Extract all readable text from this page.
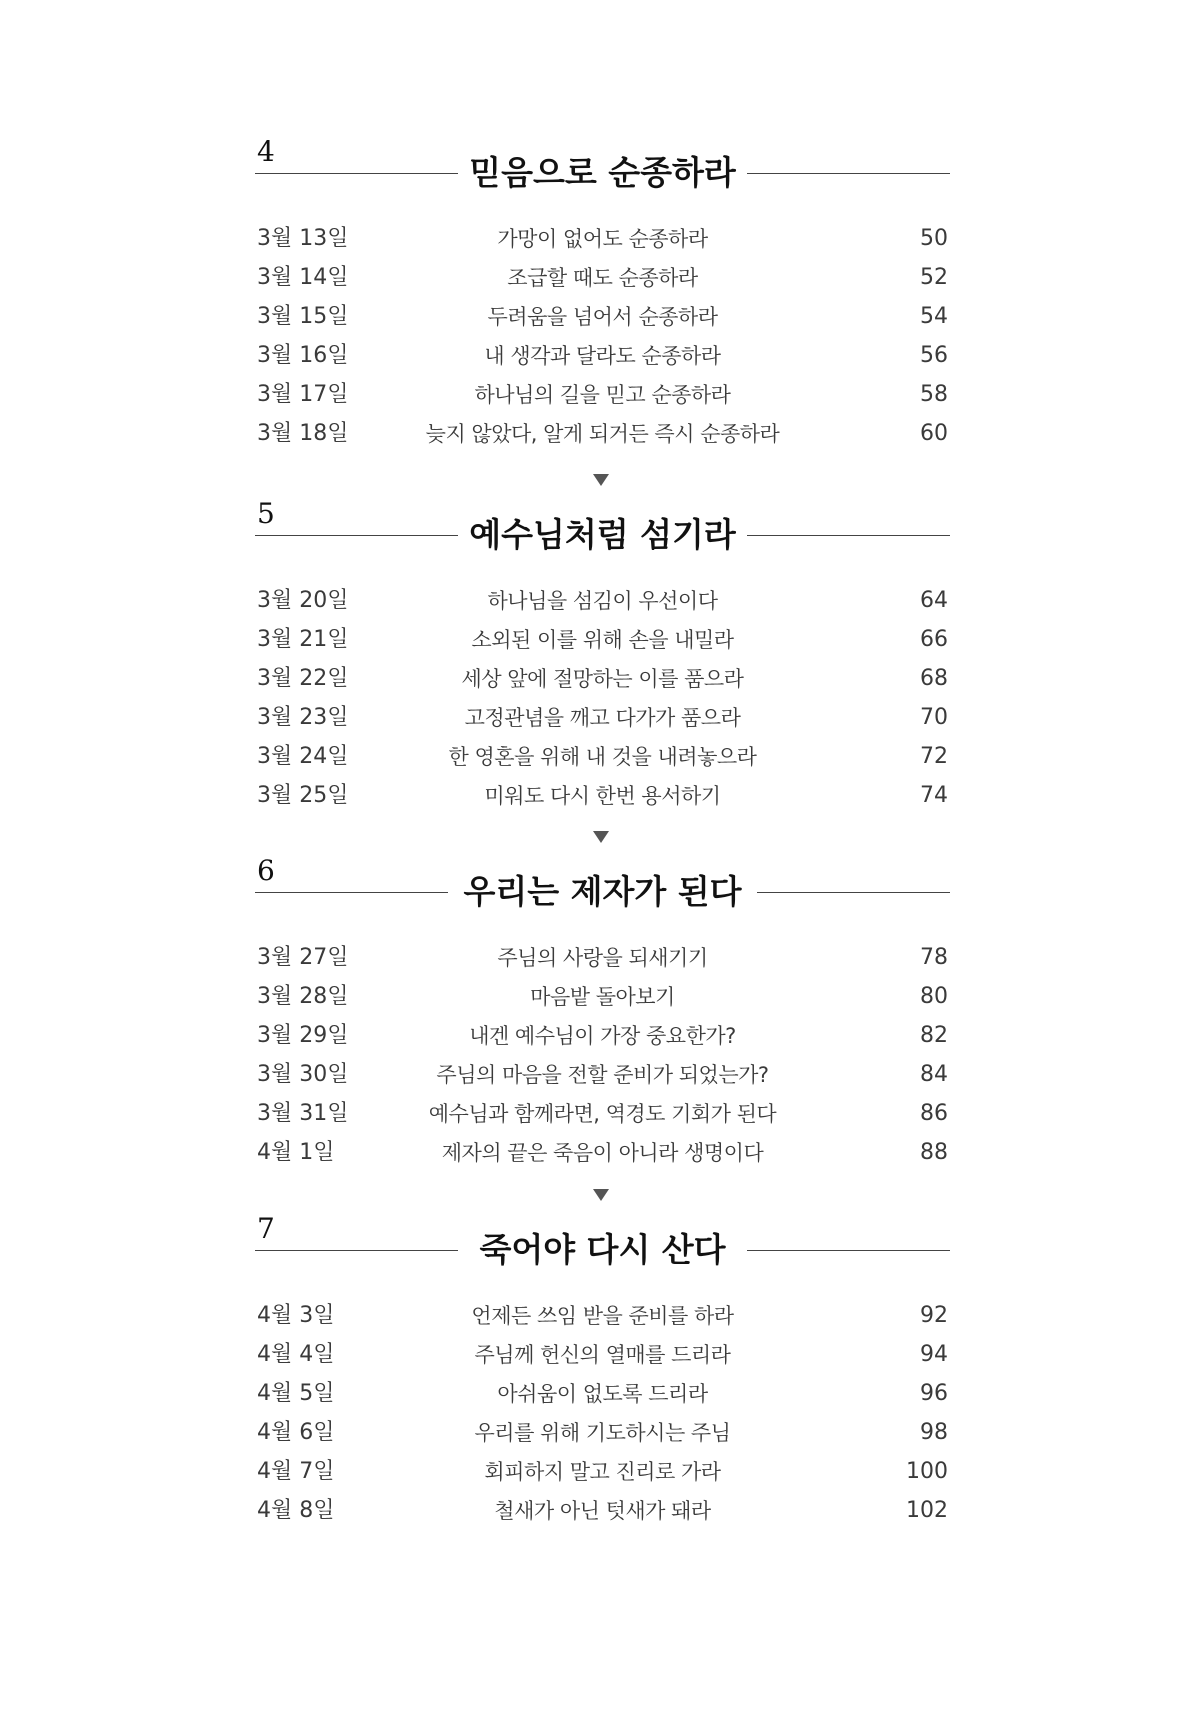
4
믿음으로 순종하라
3월 13일	가망이 없어도 순종하라	50
3월 14일	조급할 때도 순종하라	52
3월 15일	두려움을 넘어서 순종하라	54
3월 16일	내 생각과 달라도 순종하라	56
3월 17일	하나님의 길을 믿고 순종하라	58
3월 18일	늦지 않았다, 알게 되거든 즉시 순종하라	60
5
예수님처럼 섬기라
3월 20일	하나님을 섬김이 우선이다	64
3월 21일	소외된 이를 위해 손을 내밀라	66
3월 22일	세상 앞에 절망하는 이를 품으라	68
3월 23일	고정관념을 깨고 다가가 품으라	70
3월 24일	한 영혼을 위해 내 것을 내려놓으라	72
3월 25일	미워도 다시 한번 용서하기	74
6
우리는 제자가 된다
3월 27일	주님의 사랑을 되새기기	78
3월 28일	마음밭 돌아보기	80
3월 29일	내겐 예수님이 가장 중요한가?	82
3월 30일	주님의 마음을 전할 준비가 되었는가?	84
3월 31일	예수님과 함께라면, 역경도 기회가 된다	86
4월 1일	제자의 끝은 죽음이 아니라 생명이다	88
7
죽어야 다시 산다
4월 3일	언제든 쓰임 받을 준비를 하라	92
4월 4일	주님께 헌신의 열매를 드리라	94
4월 5일	아쉬움이 없도록 드리라	96
4월 6일	우리를 위해 기도하시는 주님	98
4월 7일	회피하지 말고 진리로 가라	100
4월 8일	철새가 아닌 텃새가 돼라	102
